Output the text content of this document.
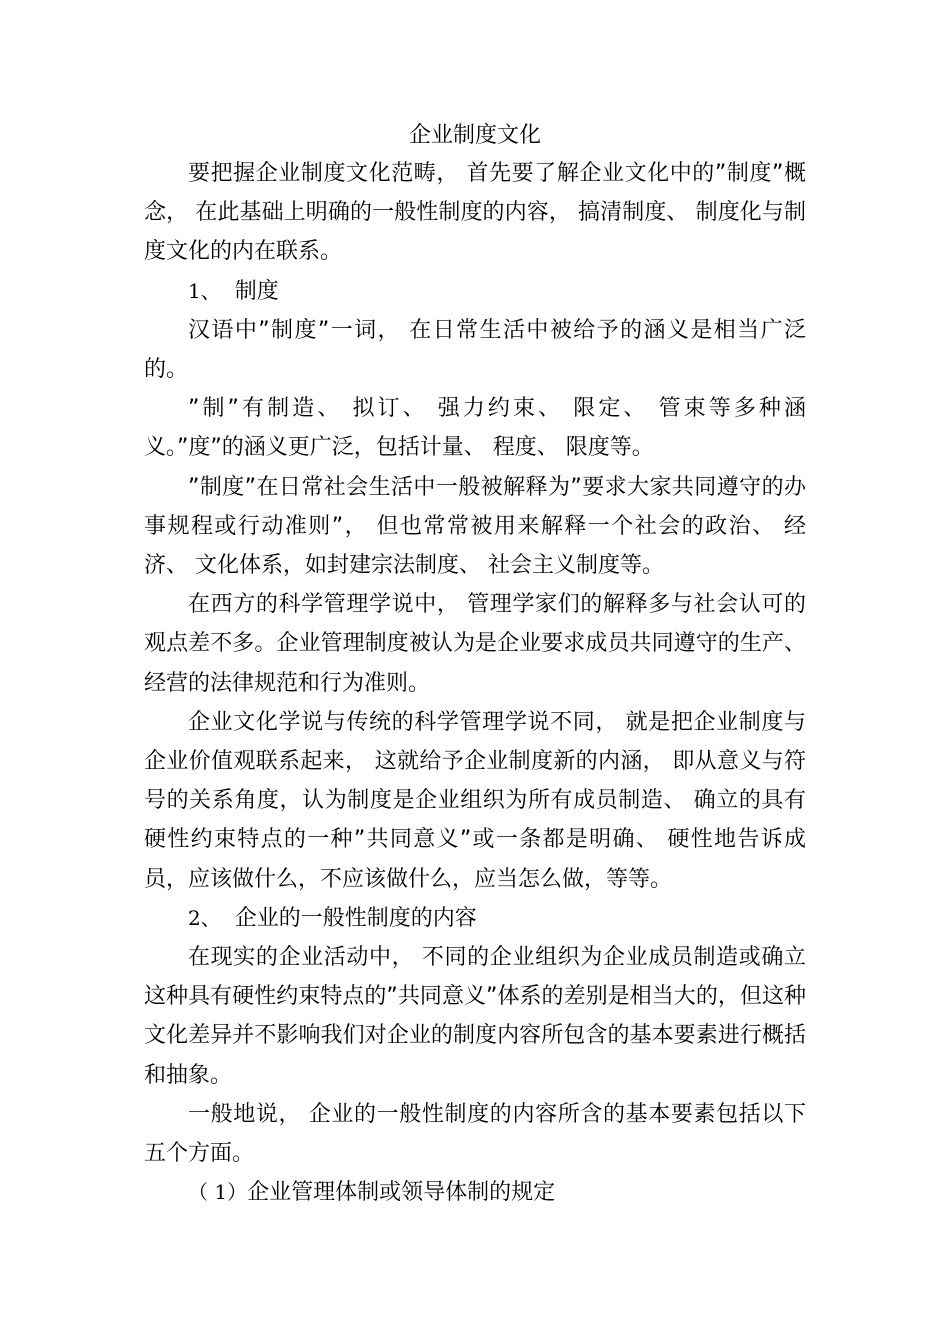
企业制度文化

要把握企业制度文化范畴， 首先要了解企业文化中的”制度”概念， 在此基础上明确的一般性制度的内容， 搞清制度、 制度化与制度文化的内在联系。

1、 制度

汉语中”制度”一词， 在日常生活中被给予的涵义是相当广泛的。

”制”有制造、 拟订、 强力约束、 限定、 管束等多种涵义。”度”的涵义更广泛，包括计量、 程度、 限度等。

”制度”在日常社会生活中一般被解释为”要求大家共同遵守的办事规程或行动准则”， 但也常常被用来解释一个社会的政治、 经济、 文化体系，如封建宗法制度、 社会主义制度等。

在西方的科学管理学说中， 管理学家们的解释多与社会认可的观点差不多。企业管理制度被认为是企业要求成员共同遵守的生产、 经营的法律规范和行为准则。

企业文化学说与传统的科学管理学说不同， 就是把企业制度与企业价值观联系起来， 这就给予企业制度新的内涵， 即从意义与符号的关系角度，认为制度是企业组织为所有成员制造、 确立的具有硬性约束特点的一种”共同意义”或一条都是明确、 硬性地告诉成员，应该做什么，不应该做什么，应当怎么做，等等。

2、 企业的一般性制度的内容

在现实的企业活动中， 不同的企业组织为企业成员制造或确立这种具有硬性约束特点的”共同意义”体系的差别是相当大的，但这种文化差异并不影响我们对企业的制度内容所包含的基本要素进行概括和抽象。

一般地说， 企业的一般性制度的内容所含的基本要素包括以下五个方面。

（ 1）企业管理体制或领导体制的规定
